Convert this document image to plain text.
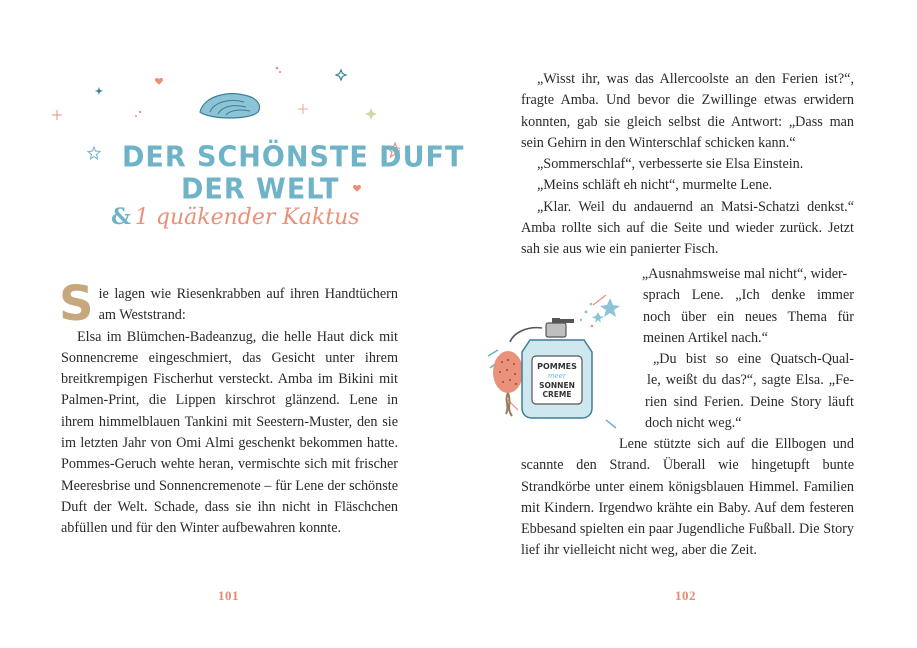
DER SCHÖNSTE DUFT
DER WELT
& 1 quäkender Kaktus

Sie lagen wie Riesenkrabben auf ihren Handtüchern am Weststrand:

Elsa im Blümchen-Badeanzug, die helle Haut dick mit Sonnencreme eingeschmiert, das Gesicht unter ihrem breitkrempigen Fischerhut versteckt. Amba im Bikini mit Palmen-Print, die Lippen kirschrot glänzend. Lene in ihrem himmelblauen Tankini mit Seestern-Muster, den sie im letzten Jahr von Omi Almi geschenkt bekommen hatte. Pommes-Geruch wehte heran, vermischte sich mit frischer Meeresbrise und Sonnencremenote – für Lene der schönste Duft der Welt. Schade, dass sie ihn nicht in Fläschchen abfüllen und für den Winter aufbewahren konnte.

101

„Wisst ihr, was das Allercoolste an den Ferien ist?“, fragte Amba. Und bevor die Zwillinge etwas erwidern konnten, gab sie gleich selbst die Antwort: „Dass man sein Gehirn in den Winterschlaf schicken kann.“

„Sommerschlaf“, verbesserte sie Elsa Einstein.

„Meins schläft eh nicht“, murmelte Lene.

„Klar. Weil du andauernd an Matsi-Schatzi denkst.“ Amba rollte sich auf die Seite und wieder zurück. Jetzt sah sie aus wie ein panierter Fisch.

POMMES
meer
SONNEN
CREME

„Ausnahmsweise mal nicht“, wider-

sprach Lene. „Ich denke immer

noch über ein neues Thema für

meinen Artikel nach.“

„Du bist so eine Quatsch-Qual-

le, weißt du das?“, sagte Elsa. „Fe-

rien sind Ferien. Deine Story läuft

doch nicht weg.“

Lene stützte sich auf die Ellbogen und scannte den Strand. Überall wie hingetupft bunte Strandkörbe unter einem königsblauen Himmel. Familien mit Kindern. Irgendwo krähte ein Baby. Auf dem festeren Ebbesand spielten ein paar Jugendliche Fußball. Die Story lief ihr vielleicht nicht weg, aber die Zeit.

102
